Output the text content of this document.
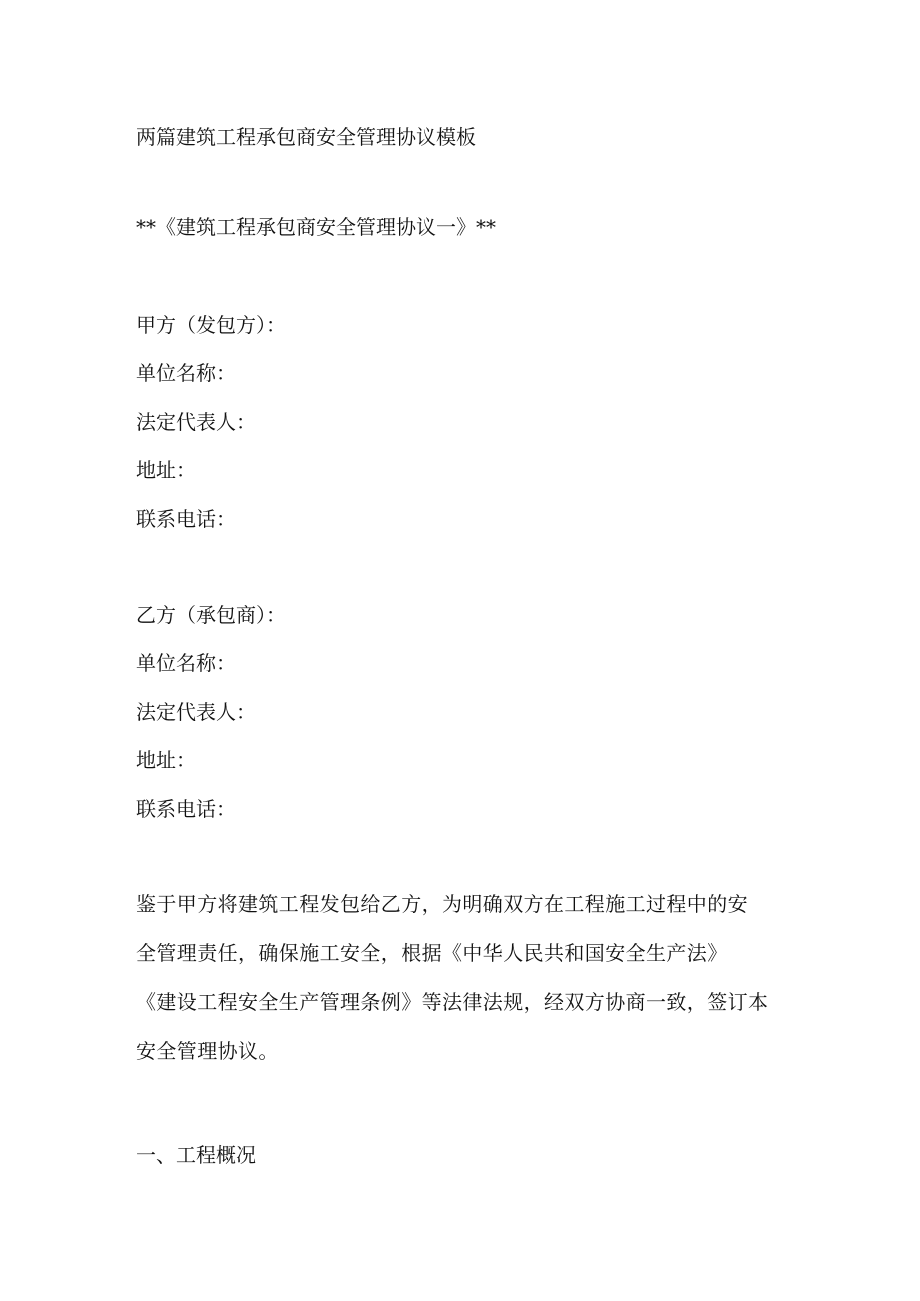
两篇建筑工程承包商安全管理协议模板
**《建筑工程承包商安全管理协议一》**
甲方（发包方）：
单位名称：
法定代表人：
地址：
联系电话：
乙方（承包商）：
单位名称：
法定代表人：
地址：
联系电话：
鉴于甲方将建筑工程发包给乙方，为明确双方在工程施工过程中的安
全管理责任，确保施工安全，根据《中华人民共和国安全生产法》
《建设工程安全生产管理条例》等法律法规，经双方协商一致，签订本
安全管理协议。
一、工程概况
